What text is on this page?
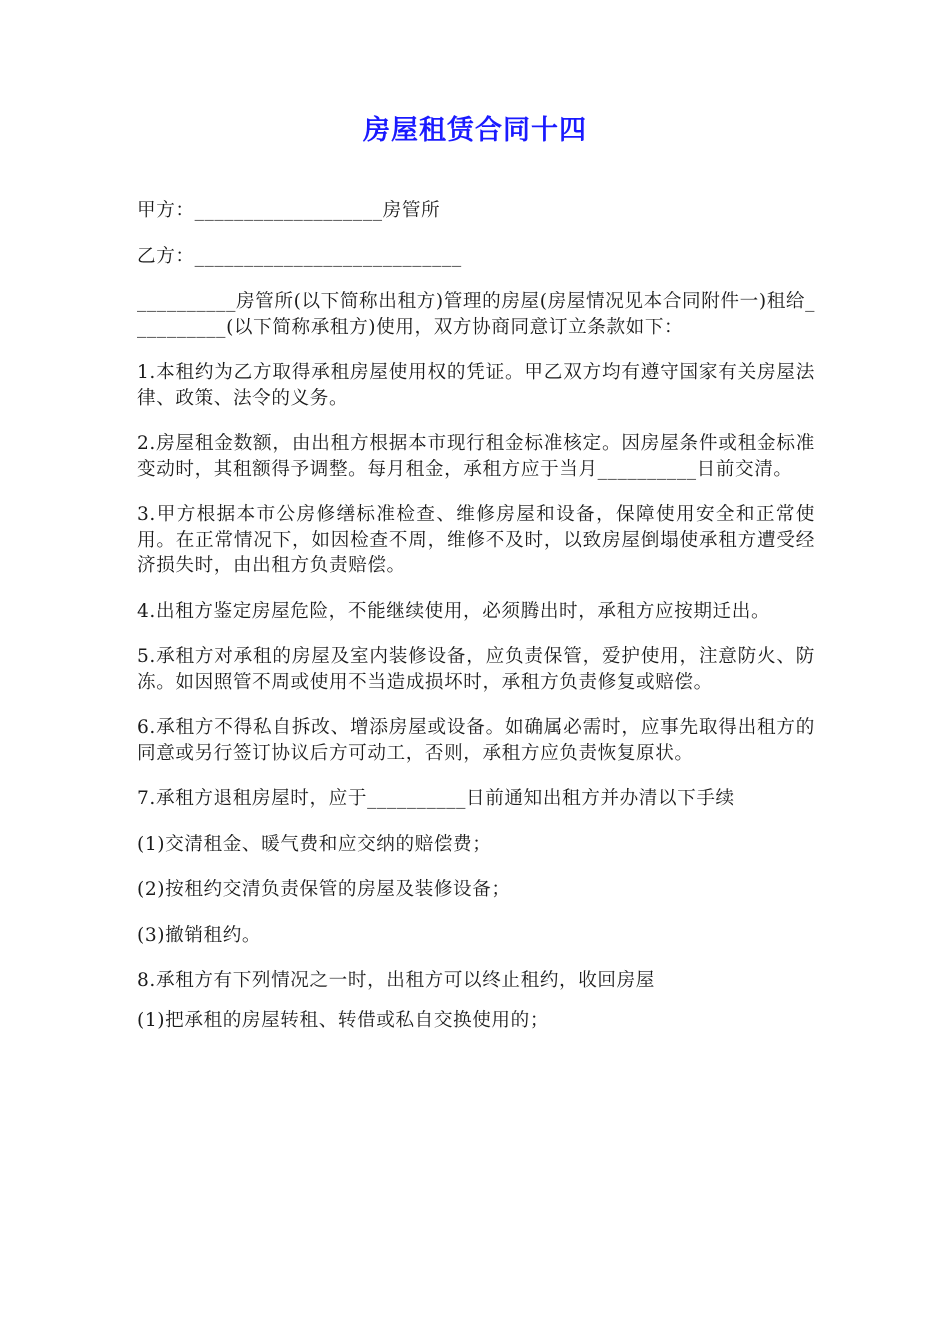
房屋租赁合同十四

甲方：___________________房管所

乙方：___________________________

__________房管所(以下简称出租方)管理的房屋(房屋情况见本合同附件一)租给__________(以下简称承租方)使用，双方协商同意订立条款如下：

1.本租约为乙方取得承租房屋使用权的凭证。甲乙双方均有遵守国家有关房屋法律、政策、法令的义务。

2.房屋租金数额，由出租方根据本市现行租金标准核定。因房屋条件或租金标准变动时，其租额得予调整。每月租金，承租方应于当月__________日前交清。

3.甲方根据本市公房修缮标准检查、维修房屋和设备，保障使用安全和正常使用。在正常情况下，如因检查不周，维修不及时，以致房屋倒塌使承租方遭受经济损失时，由出租方负责赔偿。

4.出租方鉴定房屋危险，不能继续使用，必须腾出时，承租方应按期迁出。

5.承租方对承租的房屋及室内装修设备，应负责保管，爱护使用，注意防火、防冻。如因照管不周或使用不当造成损坏时，承租方负责修复或赔偿。

6.承租方不得私自拆改、增添房屋或设备。如确属必需时，应事先取得出租方的同意或另行签订协议后方可动工，否则，承租方应负责恢复原状。

7.承租方退租房屋时，应于__________日前通知出租方并办清以下手续

(1)交清租金、暖气费和应交纳的赔偿费；

(2)按租约交清负责保管的房屋及装修设备；

(3)撤销租约。

8.承租方有下列情况之一时，出租方可以终止租约，收回房屋

(1)把承租的房屋转租、转借或私自交换使用的；
